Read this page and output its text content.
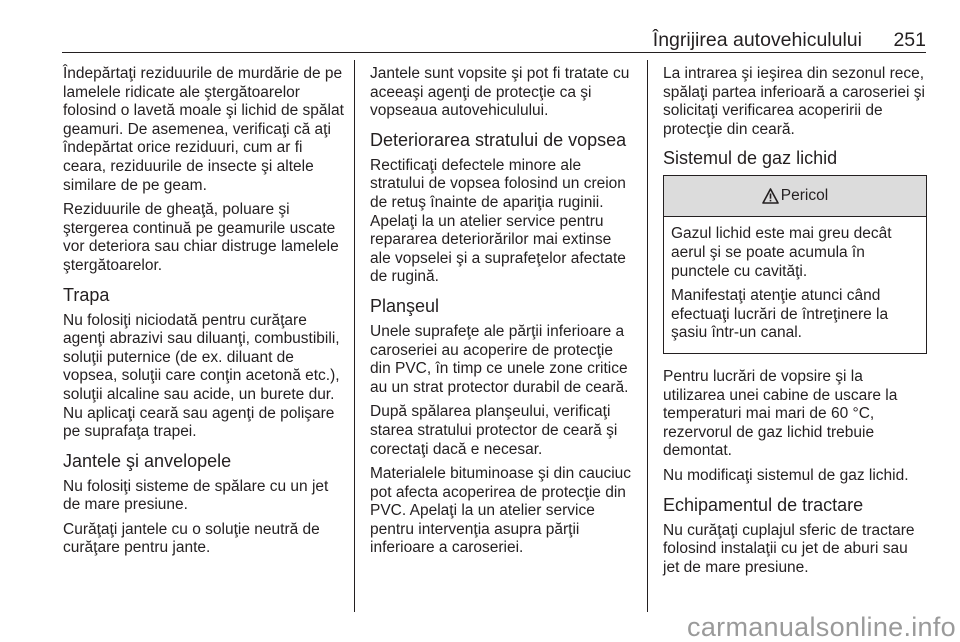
Îngrijirea autovehiculului 251

Îndepărtaţi reziduurile de murdărie de pe lamelele ridicate ale ştergătoarelor folosind o lavetă moale şi lichid de spălat geamuri. De asemenea, verificaţi că aţi îndepărtat orice reziduuri, cum ar fi ceara, reziduurile de insecte şi altele similare de pe geam.

Reziduurile de gheaţă, poluare şi ştergerea continuă pe geamurile uscate vor deteriora sau chiar distruge lamelele ştergătoarelor.

Trapa

Nu folosiţi niciodată pentru curăţare agenţi abrazivi sau diluanţi, combustibili, soluţii puternice (de ex. diluant de vopsea, soluţii care conţin acetonă etc.), soluţii alcaline sau acide, un burete dur. Nu aplicaţi ceară sau agenţi de polişare pe suprafaţa trapei.

Jantele şi anvelopele

Nu folosiţi sisteme de spălare cu un jet de mare presiune.

Curăţaţi jantele cu o soluţie neutră de curăţare pentru jante.

Jantele sunt vopsite şi pot fi tratate cu aceeaşi agenţi de protecţie ca şi vopseaua autovehiculului.

Deteriorarea stratului de vopsea

Rectificaţi defectele minore ale stratului de vopsea folosind un creion de retuş înainte de apariţia ruginii. Apelaţi la un atelier service pentru repararea deteriorărilor mai extinse ale vopselei şi a suprafeţelor afectate de rugină.

Planşeul

Unele suprafeţe ale părţii inferioare a caroseriei au acoperire de protecţie din PVC, în timp ce unele zone critice au un strat protector durabil de ceară.

După spălarea planşeului, verificaţi starea stratului protector de ceară şi corectaţi dacă e necesar.

Materialele bituminoase şi din cauciuc pot afecta acoperirea de protecţie din PVC. Apelaţi la un atelier service pentru intervenţia asupra părţii inferioare a caroseriei.

La intrarea şi ieşirea din sezonul rece, spălaţi partea inferioară a caroseriei şi solicitaţi verificarea acoperirii de protecţie din ceară.

Sistemul de gaz lichid
Pericol

Gazul lichid este mai greu decât aerul şi se poate acumula în punctele cu cavităţi.

Manifestaţi atenţie atunci când efectuaţi lucrări de întreţinere la şasiu într-un canal.

Pentru lucrări de vopsire şi la utilizarea unei cabine de uscare la temperaturi mai mari de 60 °C, rezervorul de gaz lichid trebuie demontat.

Nu modificaţi sistemul de gaz lichid.

Echipamentul de tractare

Nu curăţaţi cuplajul sferic de tractare folosind instalaţii cu jet de aburi sau jet de mare presiune.

carmanualsonline.info
